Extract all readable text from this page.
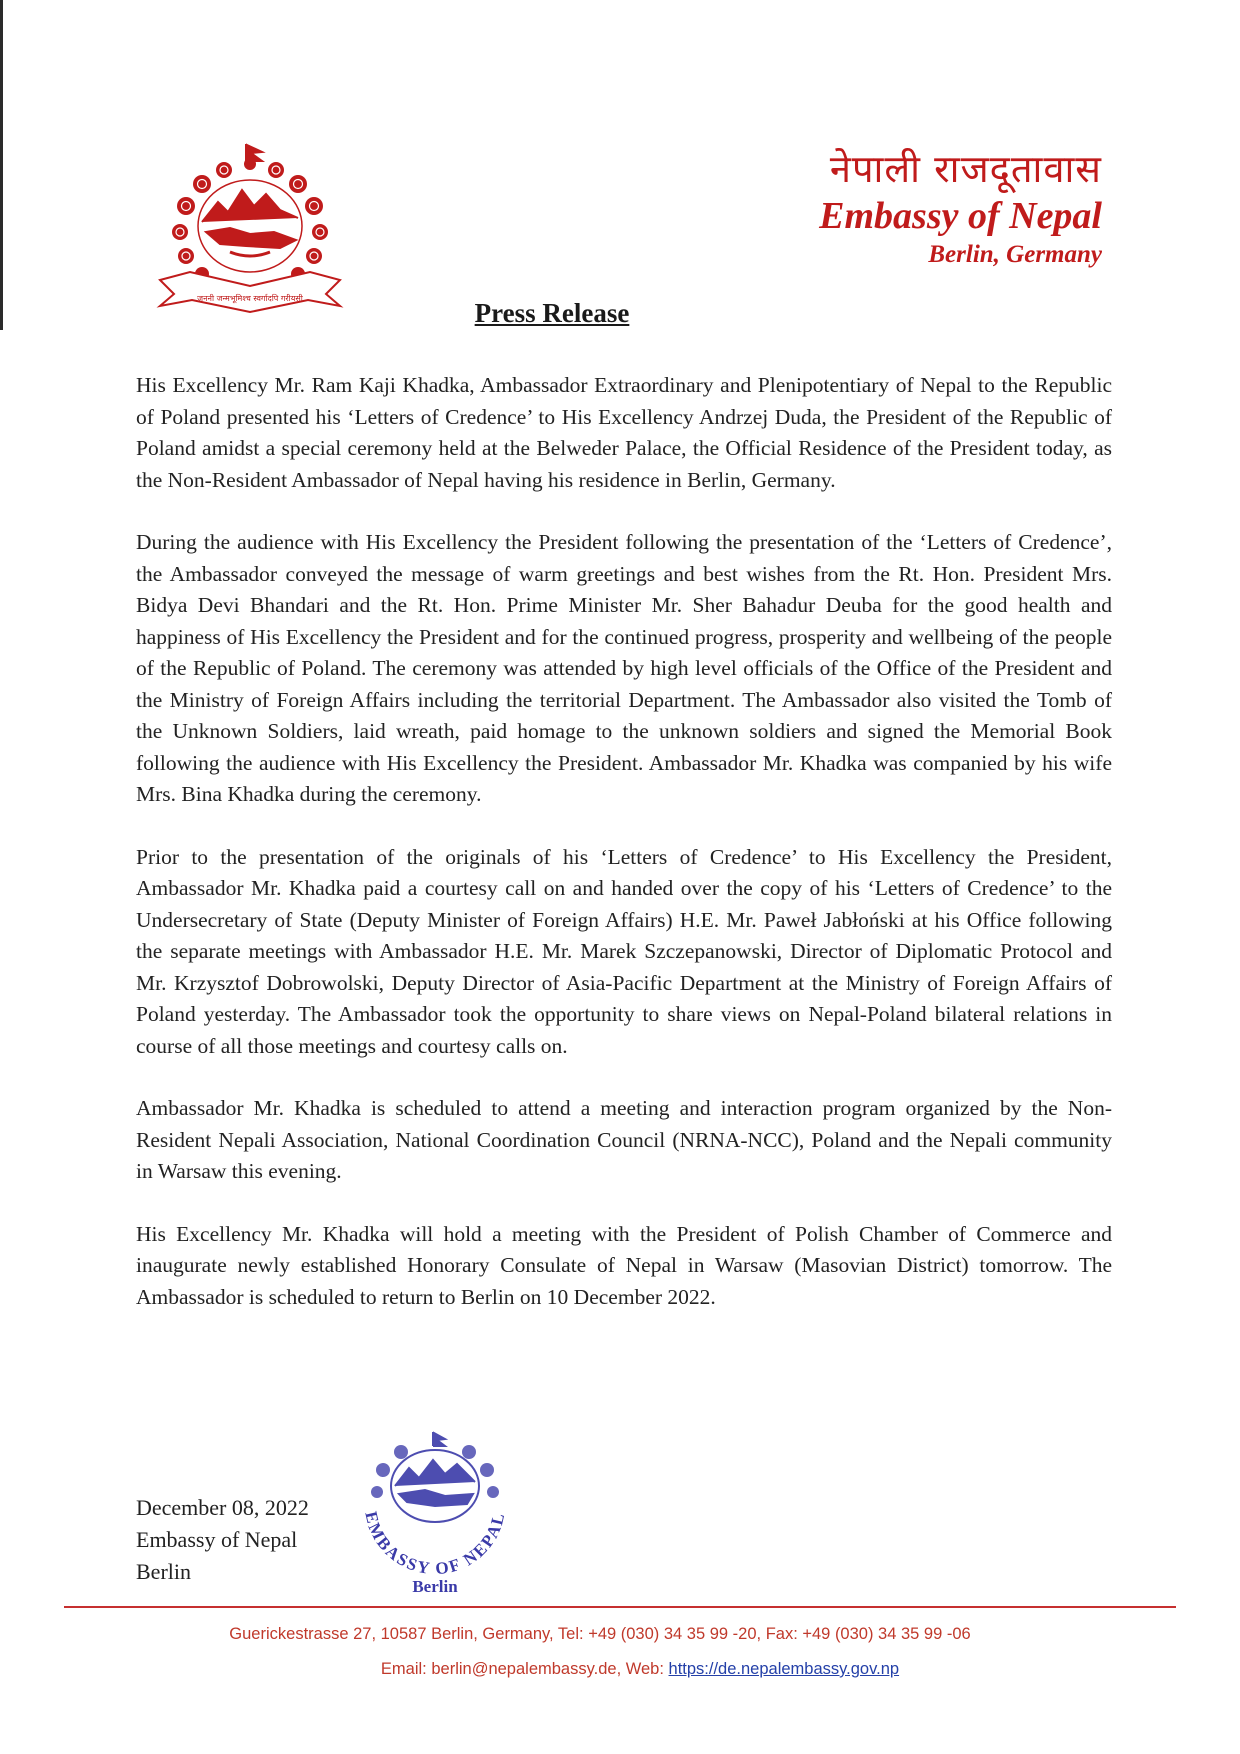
जननी जन्मभूमिश्च स्वर्गादपि गरीयसी
नेपाली राजदूतावास
Embassy of Nepal
Berlin, Germany
Press Release

His Excellency Mr. Ram Kaji Khadka, Ambassador Extraordinary and Plenipotentiary of Nepal to the Republic of Poland presented his ‘Letters of Credence’ to His Excellency Andrzej Duda, the President of the Republic of Poland amidst a special ceremony held at the Belweder Palace, the Official Residence of the President today, as the Non-Resident Ambassador of Nepal having his residence in Berlin, Germany.

During the audience with His Excellency the President following the presentation of the ‘Letters of Credence’, the Ambassador conveyed the message of warm greetings and best wishes from the Rt. Hon. President Mrs. Bidya Devi Bhandari and the Rt. Hon. Prime Minister Mr. Sher Bahadur Deuba for the good health and happiness of His Excellency the President and for the continued progress, prosperity and wellbeing of the people of the Republic of Poland. The ceremony was attended by high level officials of the Office of the President and the Ministry of Foreign Affairs including the territorial Department. The Ambassador also visited the Tomb of the Unknown Soldiers, laid wreath, paid homage to the unknown soldiers and signed the Memorial Book following the audience with His Excellency the President. Ambassador Mr. Khadka was companied by his wife Mrs. Bina Khadka during the ceremony.

Prior to the presentation of the originals of his ‘Letters of Credence’ to His Excellency the President, Ambassador Mr. Khadka paid a courtesy call on and handed over the copy of his ‘Letters of Credence’ to the Undersecretary of State (Deputy Minister of Foreign Affairs) H.E. Mr. Paweł Jabłoński at his Office following the separate meetings with Ambassador H.E. Mr. Marek Szczepanowski, Director of Diplomatic Protocol and Mr. Krzysztof Dobrowolski, Deputy Director of Asia-Pacific Department at the Ministry of Foreign Affairs of Poland yesterday. The Ambassador took the opportunity to share views on Nepal-Poland bilateral relations in course of all those meetings and courtesy calls on.

Ambassador Mr. Khadka is scheduled to attend a meeting and interaction program organized by the Non-Resident Nepali Association, National Coordination Council (NRNA-NCC), Poland and the Nepali community in Warsaw this evening.

His Excellency Mr. Khadka will hold a meeting with the President of Polish Chamber of Commerce and inaugurate newly established Honorary Consulate of Nepal in Warsaw (Masovian District) tomorrow. The Ambassador is scheduled to return to Berlin on 10 December 2022.

December 08, 2022
Embassy of Nepal
Berlin
EMBASSY OF NEPAL
Berlin
Guerickestrasse 27, 10587 Berlin, Germany, Tel: +49 (030) 34 35 99 -20, Fax: +49 (030) 34 35 99 -06
Email: berlin@nepalembassy.de, Web: https://de.nepalembassy.gov.np
